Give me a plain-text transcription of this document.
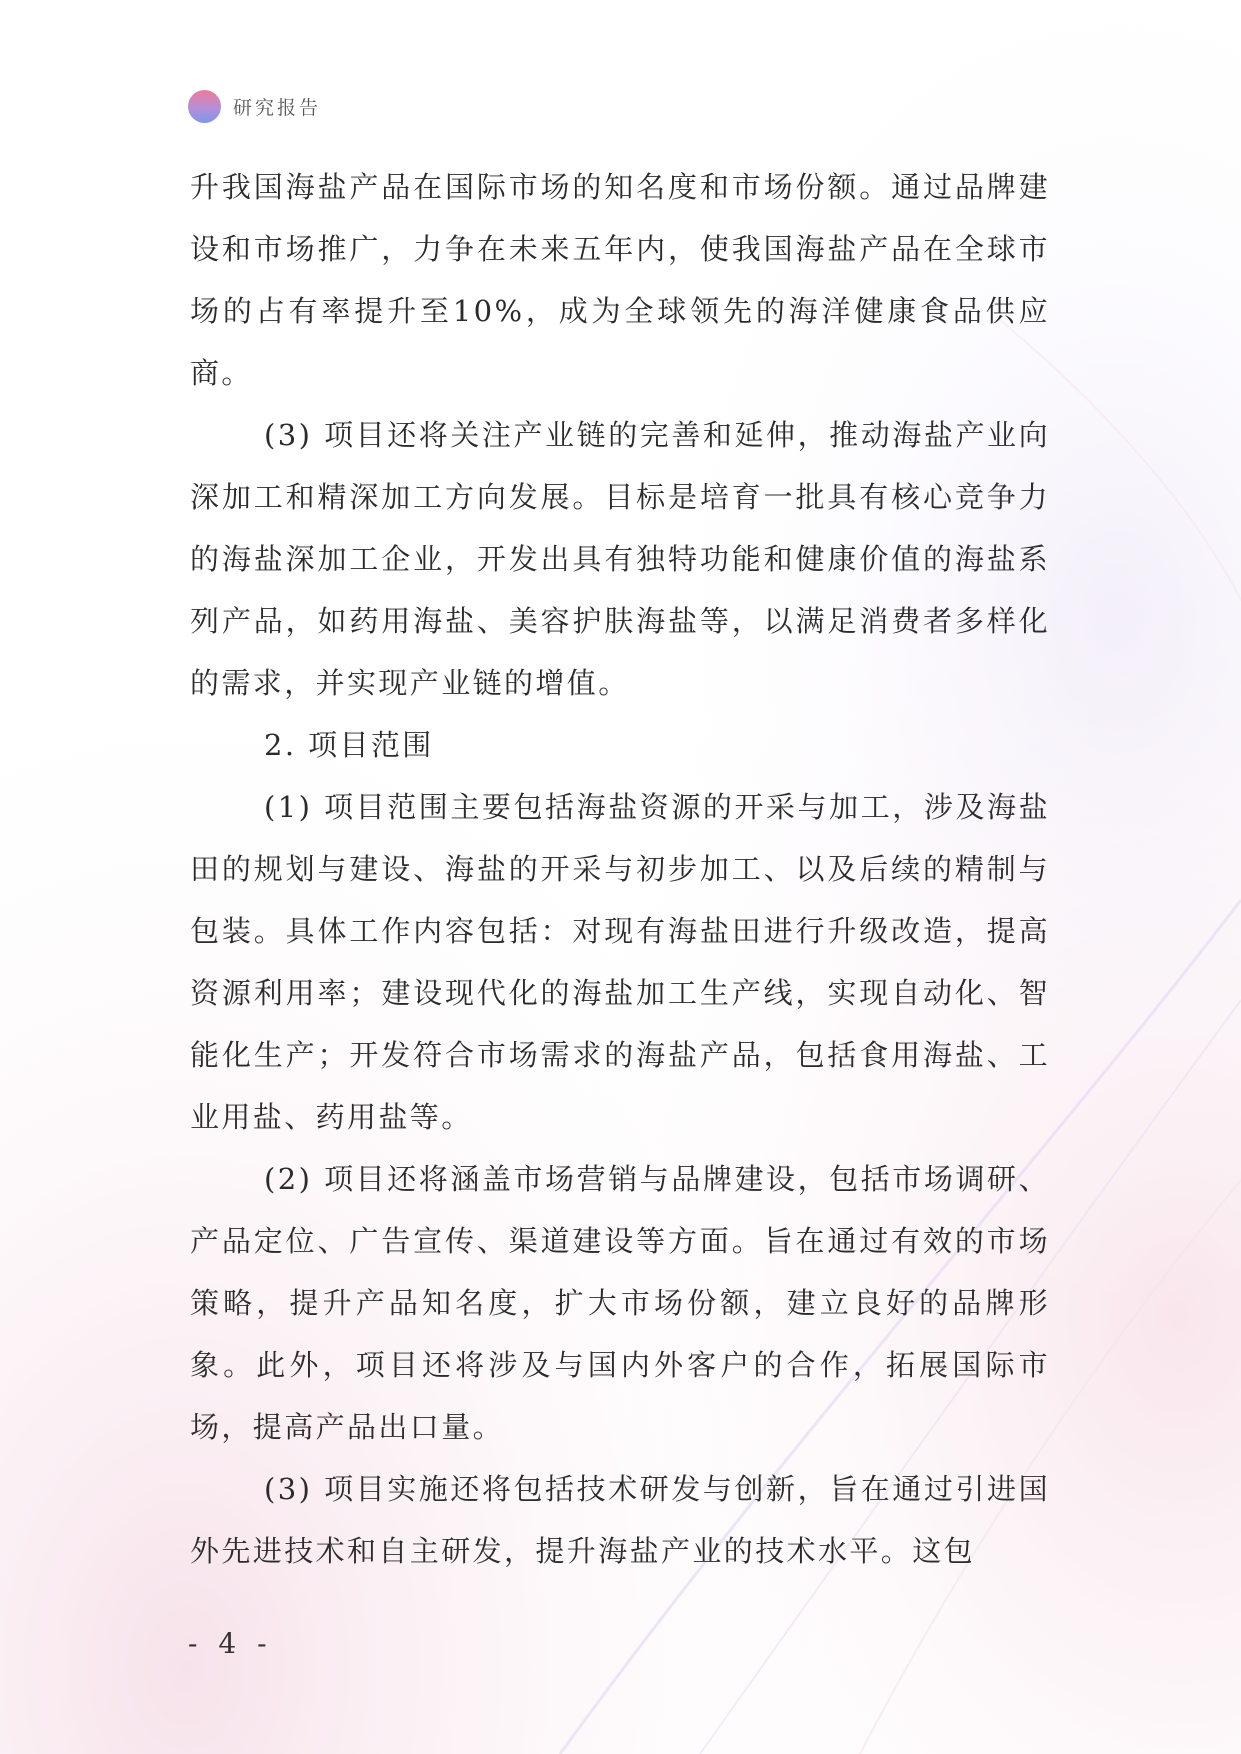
研究报告

升我国海盐产品在国际市场的知名度和市场份额。通过品牌建设和市场推广，力争在未来五年内，使我国海盐产品在全球市场的占有率提升至10%，成为全球领先的海洋健康食品供应商。

(3) 项目还将关注产业链的完善和延伸，推动海盐产业向深加工和精深加工方向发展。目标是培育一批具有核心竞争力的海盐深加工企业，开发出具有独特功能和健康价值的海盐系列产品，如药用海盐、美容护肤海盐等，以满足消费者多样化的需求，并实现产业链的增值。

2. 项目范围

(1) 项目范围主要包括海盐资源的开采与加工，涉及海盐田的规划与建设、海盐的开采与初步加工、以及后续的精制与包装。具体工作内容包括：对现有海盐田进行升级改造，提高资源利用率；建设现代化的海盐加工生产线，实现自动化、智能化生产；开发符合市场需求的海盐产品，包括食用海盐、工业用盐、药用盐等。

(2) 项目还将涵盖市场营销与品牌建设，包括市场调研、产品定位、广告宣传、渠道建设等方面。旨在通过有效的市场策略，提升产品知名度，扩大市场份额，建立良好的品牌形象。此外，项目还将涉及与国内外客户的合作，拓展国际市场，提高产品出口量。

(3) 项目实施还将包括技术研发与创新，旨在通过引进国外先进技术和自主研发，提升海盐产业的技术水平。这包

- 4 -
